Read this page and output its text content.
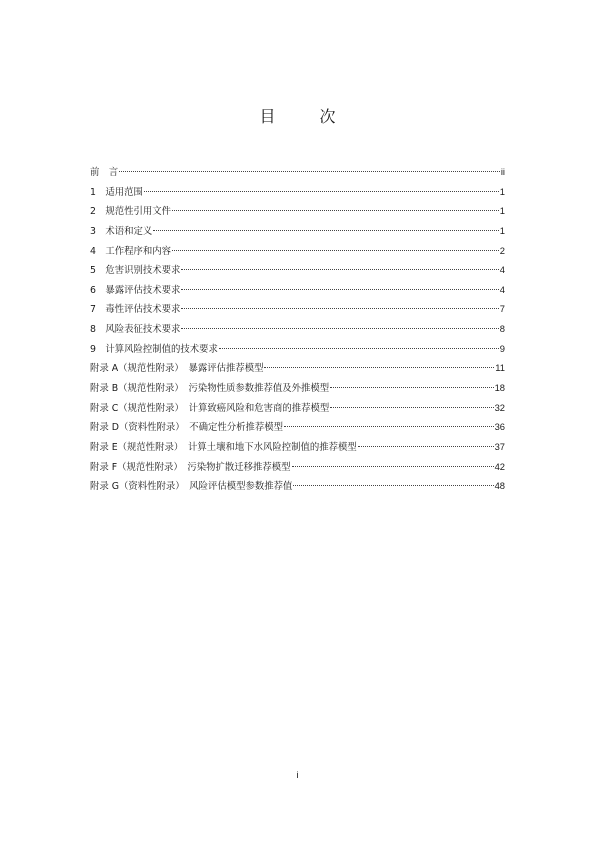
目　次
前　言	ii
1　适用范围	1
2　规范性引用文件	1
3　术语和定义	1
4　工作程序和内容	2
5　危害识别技术要求	4
6　暴露评估技术要求	4
7　毒性评估技术要求	7
8　风险表征技术要求	8
9　计算风险控制值的技术要求	9
附录 A（规范性附录）　暴露评估推荐模型	11
附录 B（规范性附录）　污染物性质参数推荐值及外推模型	18
附录 C（规范性附录）　计算致癌风险和危害商的推荐模型	32
附录 D（资料性附录）　不确定性分析推荐模型	36
附录 E（规范性附录）　计算土壤和地下水风险控制值的推荐模型	37
附录 F（规范性附录）　污染物扩散迁移推荐模型	42
附录 G（资料性附录）　风险评估模型参数推荐值	48
i
